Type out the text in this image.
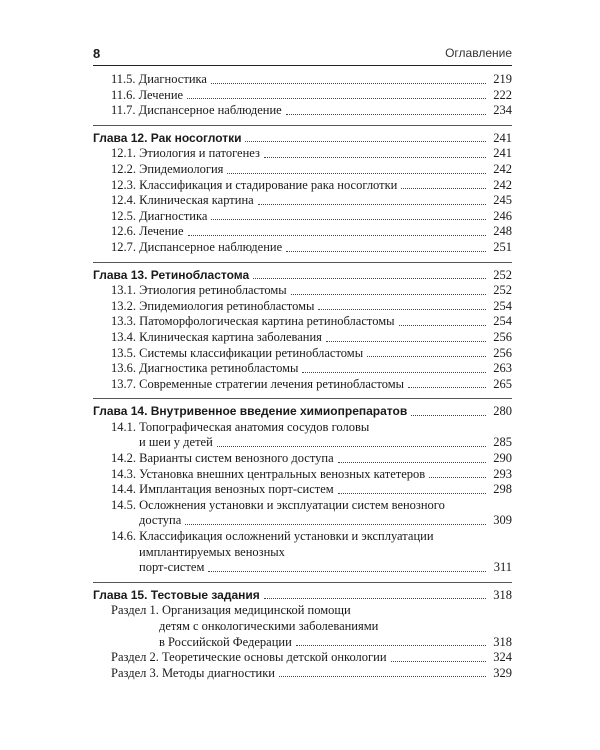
8	Оглавление
11.5. Диагностика	219
11.6. Лечение	222
11.7. Диспансерное наблюдение	234
Глава 12. Рак носоглотки	241
12.1. Этиология и патогенез	241
12.2. Эпидемиология	242
12.3. Классификация и стадирование рака носоглотки	242
12.4. Клиническая картина	245
12.5. Диагностика	246
12.6. Лечение	248
12.7. Диспансерное наблюдение	251
Глава 13. Ретинобластома	252
13.1. Этиология ретинобластомы	252
13.2. Эпидемиология ретинобластомы	254
13.3. Патоморфологическая картина ретинобластомы	254
13.4. Клиническая картина заболевания	256
13.5. Системы классификации ретинобластомы	256
13.6. Диагностика ретинобластомы	263
13.7. Современные стратегии лечения ретинобластомы	265
Глава 14. Внутривенное введение химиопрепаратов	280
14.1. Топографическая анатомия сосудов головы
и шеи у детей	285
14.2. Варианты систем венозного доступа	290
14.3. Установка внешних центральных венозных катетеров	293
14.4. Имплантация венозных порт-систем	298
14.5. Осложнения установки и эксплуатации систем венозного
доступа	309
14.6. Классификация осложнений установки и эксплуатации
имплантируемых венозных
порт-систем	311
Глава 15. Тестовые задания	318
Раздел 1. Организация медицинской помощи
детям с онкологическими заболеваниями
в Российской Федерации	318
Раздел 2. Теоретические основы детской онкологии	324
Раздел 3. Методы диагностики	329
